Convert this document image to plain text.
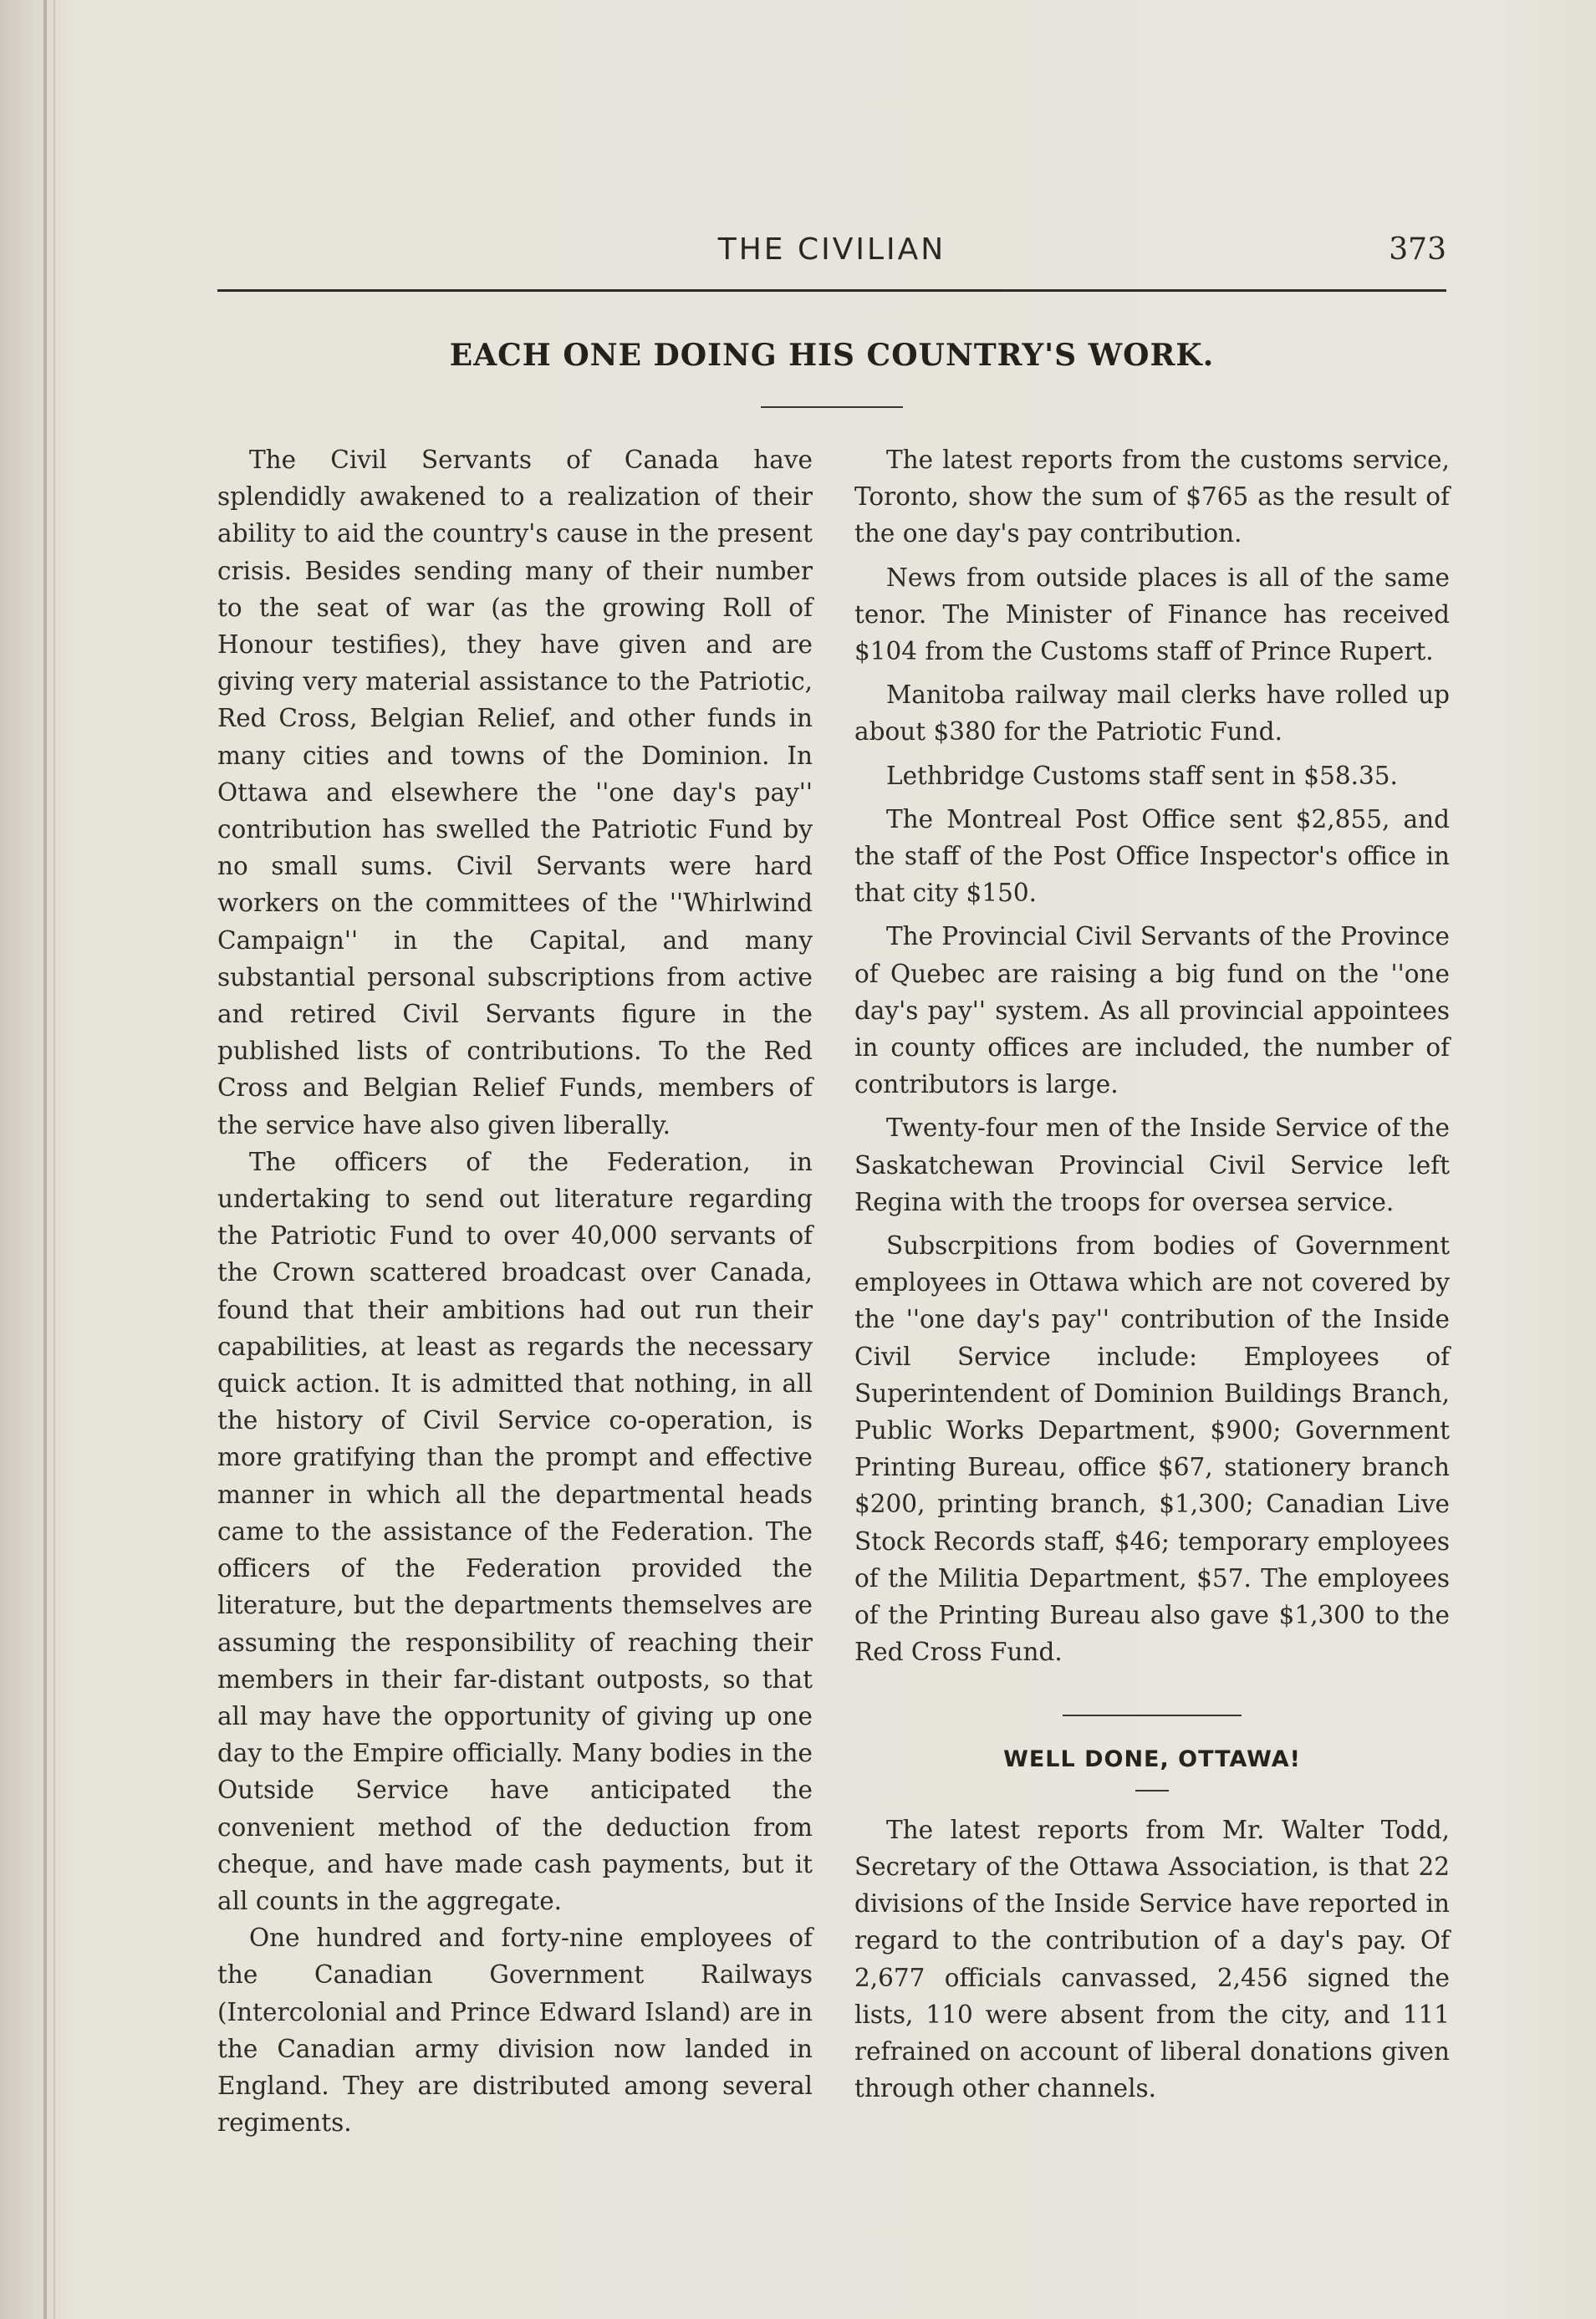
THE CIVILIAN	373
EACH ONE DOING HIS COUNTRY'S WORK.

The Civil Servants of Canada have splendidly awakened to a realization of their ability to aid the country's cause in the present crisis. Besides sending many of their number to the seat of war (as the growing Roll of Honour testifies), they have given and are giving very material assistance to the Patriotic, Red Cross, Belgian Relief, and other funds in many cities and towns of the Dominion. In Ottawa and elsewhere the ''one day's pay'' contribution has swelled the Patriotic Fund by no small sums. Civil Servants were hard workers on the committees of the ''Whirlwind Campaign'' in the Capital, and many substantial personal subscriptions from active and retired Civil Servants figure in the published lists of contributions. To the Red Cross and Belgian Relief Funds, members of the service have also given liberally.

The officers of the Federation, in undertaking to send out literature regarding the Patriotic Fund to over 40,000 servants of the Crown scattered broadcast over Canada, found that their ambitions had out run their capabilities, at least as regards the necessary quick action. It is admitted that nothing, in all the history of Civil Service co-operation, is more gratifying than the prompt and effective manner in which all the departmental heads came to the assistance of the Federation. The officers of the Federation provided the literature, but the departments themselves are assuming the responsibility of reaching their members in their far-distant outposts, so that all may have the opportunity of giving up one day to the Empire officially. Many bodies in the Outside Service have anticipated the convenient method of the deduction from cheque, and have made cash payments, but it all counts in the aggregate.

One hundred and forty-nine employees of the Canadian Government Railways (Intercolonial and Prince Edward Island) are in the Canadian army division now landed in England. They are distributed among several regiments.

The latest reports from the customs service, Toronto, show the sum of $765 as the result of the one day's pay contribution.

News from outside places is all of the same tenor. The Minister of Finance has received $104 from the Customs staff of Prince Rupert.

Manitoba railway mail clerks have rolled up about $380 for the Patriotic Fund.

Lethbridge Customs staff sent in $58.35.

The Montreal Post Office sent $2,855, and the staff of the Post Office Inspector's office in that city $150.

The Provincial Civil Servants of the Province of Quebec are raising a big fund on the ''one day's pay'' system. As all provincial appointees in county offices are included, the number of contributors is large.

Twenty-four men of the Inside Service of the Saskatchewan Provincial Civil Service left Regina with the troops for oversea service.

Subscrpitions from bodies of Government employees in Ottawa which are not covered by the ''one day's pay'' contribution of the Inside Civil Service include: Employees of Superintendent of Dominion Buildings Branch, Public Works Department, $900; Government Printing Bureau, office $67, stationery branch $200, printing branch, $1,300; Canadian Live Stock Records staff, $46; temporary employees of the Militia Department, $57. The employees of the Printing Bureau also gave $1,300 to the Red Cross Fund.

WELL DONE, OTTAWA!

The latest reports from Mr. Walter Todd, Secretary of the Ottawa Association, is that 22 divisions of the Inside Service have reported in regard to the contribution of a day's pay. Of 2,677 officials canvassed, 2,456 signed the lists, 110 were absent from the city, and 111 refrained on account of liberal donations given through other channels.
